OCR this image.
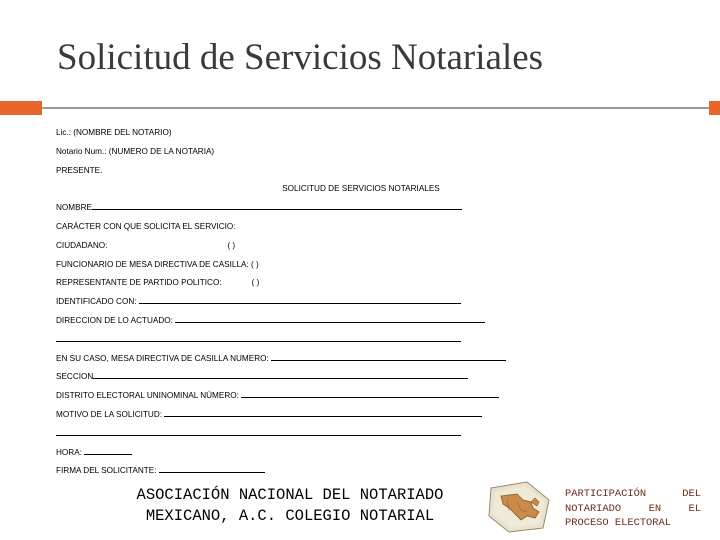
Solicitud de Servicios Notariales
Lic.: (NOMBRE DEL NOTARIO)
Notario Num.: (NUMERO DE LA NOTARIA)
PRESENTE.
SOLICITUD DE SERVICIOS NOTARIALES
NOMBRE
CARÁCTER CON QUE SOLICITA EL SERVICIO:
CIUDADANO:	( )
FUNCIONARIO DE MESA DIRECTIVA DE CASILLA: ( )
REPRESENTANTE DE PARTIDO POLITICO:	( )
IDENTIFICADO CON:
DIRECCION DE LO ACTUADO:
EN SU CASO, MESA DIRECTIVA DE CASILLA NUMERO:
SECCION
DISTRITO ELECTORAL UNINOMINAL NÚMERO:
MOTIVO DE LA SOLICITUD:
HORA:
FIRMA DEL SOLICITANTE:
ASOCIACIÓN NACIONAL DEL NOTARIADO
MEXICANO, A.C. COLEGIO NOTARIAL
PARTICIPACIÓN DEL
NOTARIADO EN EL
PROCESO ELECTORAL
